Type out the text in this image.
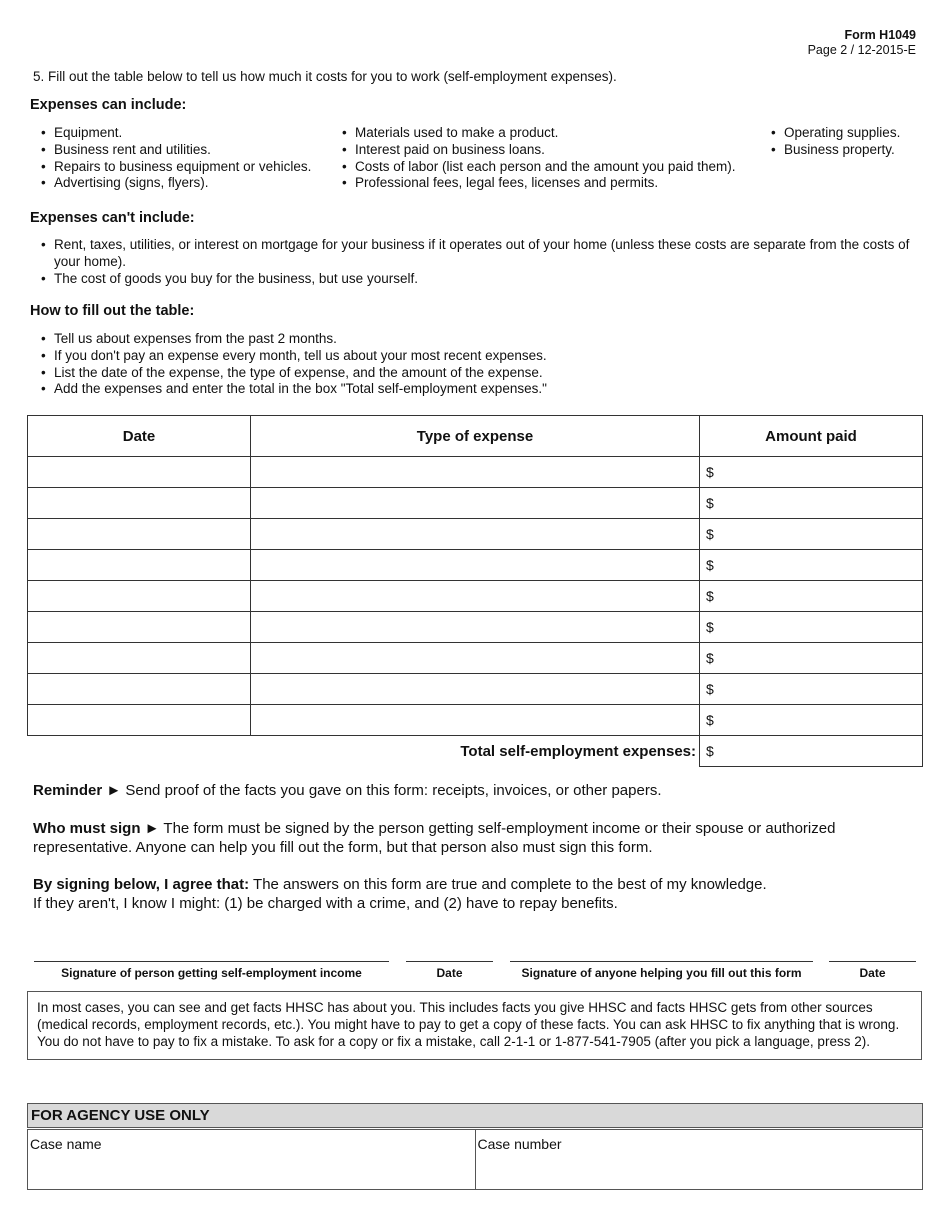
Form H1049
Page 2 / 12-2015-E
5. Fill out the table below to tell us how much it costs for you to work (self-employment expenses).
Expenses can include:
• Equipment.
• Business rent and utilities.
• Repairs to business equipment or vehicles.
• Advertising (signs, flyers).
• Materials used to make a product.
• Interest paid on business loans.
• Costs of labor (list each person and the amount you paid them).
• Professional fees, legal fees, licenses and permits.
• Operating supplies.
• Business property.
Expenses can't include:
• Rent, taxes, utilities, or interest on mortgage for your business if it operates out of your home (unless these costs are separate from the costs of your home).
• The cost of goods you buy for the business, but use yourself.
How to fill out the table:
• Tell us about expenses from the past 2 months.
• If you don't pay an expense every month, tell us about your most recent expenses.
• List the date of the expense, the type of expense, and the amount of the expense.
• Add the expenses and enter the total in the box "Total self-employment expenses."
Date	Type of expense	Amount paid
		$
		$
		$
		$
		$
		$
		$
		$
		$
Total self-employment expenses:		$
Reminder ► Send proof of the facts you gave on this form: receipts, invoices, or other papers.
Who must sign ► The form must be signed by the person getting self-employment income or their spouse or authorized representative. Anyone can help you fill out the form, but that person also must sign this form.
By signing below, I agree that: The answers on this form are true and complete to the best of my knowledge.
If they aren't, I know I might: (1) be charged with a crime, and (2) have to repay benefits.
Signature of person getting self-employment income	Date	Signature of anyone helping you fill out this form	Date
In most cases, you can see and get facts HHSC has about you. This includes facts you give HHSC and facts HHSC gets from other sources (medical records, employment records, etc.). You might have to pay to get a copy of these facts. You can ask HHSC to fix anything that is wrong. You do not have to pay to fix a mistake. To ask for a copy or fix a mistake, call 2-1-1 or 1-877-541-7905 (after you pick a language, press 2).
FOR AGENCY USE ONLY
Case name	Case number
